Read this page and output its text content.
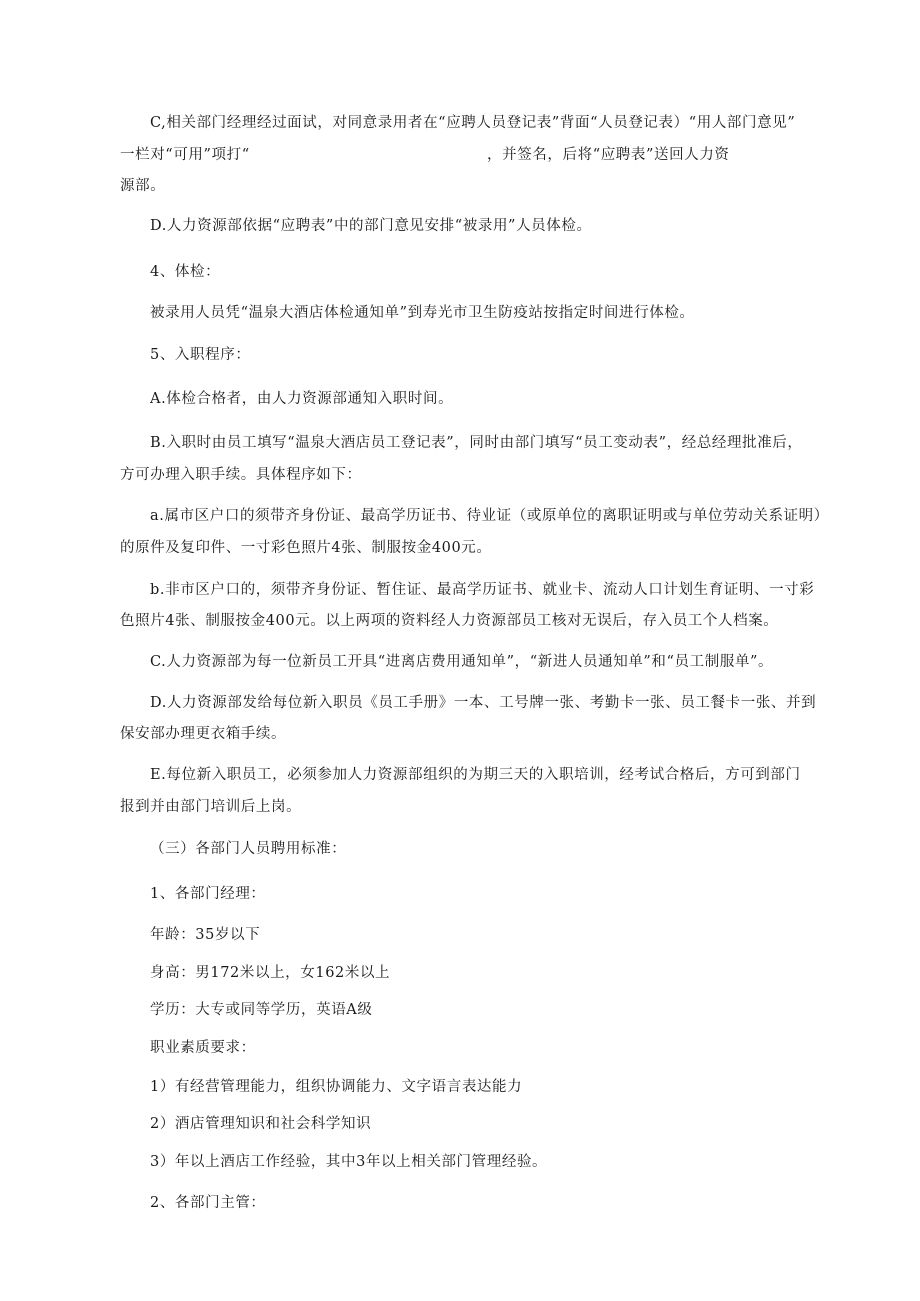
C,相关部门经理经过面试，对同意录用者在“应聘人员登记表”背面“人员登记表）“用人部门意见”
一栏对“可用”项打“	，并签名，后将“应聘表”送回人力资
源部。
D.人力资源部依据“应聘表”中的部门意见安排“被录用”人员体检。
4、体检：
被录用人员凭“温泉大酒店体检通知单”到寿光市卫生防疫站按指定时间进行体检。
5、入职程序：
A.体检合格者，由人力资源部通知入职时间。
B.入职时由员工填写“温泉大酒店员工登记表”，同时由部门填写“员工变动表”，经总经理批准后，
方可办理入职手续。具体程序如下：
a.属市区户口的须带齐身份证、最高学历证书、待业证（或原单位的离职证明或与单位劳动关系证明）
的原件及复印件、一寸彩色照片4张、制服按金400元。
b.非市区户口的，须带齐身份证、暂住证、最高学历证书、就业卡、流动人口计划生育证明、一寸彩
色照片4张、制服按金400元。以上两项的资料经人力资源部员工核对无误后，存入员工个人档案。
C.人力资源部为每一位新员工开具“进离店费用通知单”，“新进人员通知单”和“员工制服单”。
D.人力资源部发给每位新入职员《员工手册》一本、工号牌一张、考勤卡一张、员工餐卡一张、并到
保安部办理更衣箱手续。
E.每位新入职员工，必须参加人力资源部组织的为期三天的入职培训，经考试合格后，方可到部门
报到并由部门培训后上岗。
（三）各部门人员聘用标准：
1、各部门经理：
年龄：35岁以下
身高：男172米以上，女162米以上
学历：大专或同等学历，英语A级
职业素质要求：
1）有经营管理能力，组织协调能力、文字语言表达能力
2）酒店管理知识和社会科学知识
3）年以上酒店工作经验，其中3年以上相关部门管理经验。
2、各部门主管：
